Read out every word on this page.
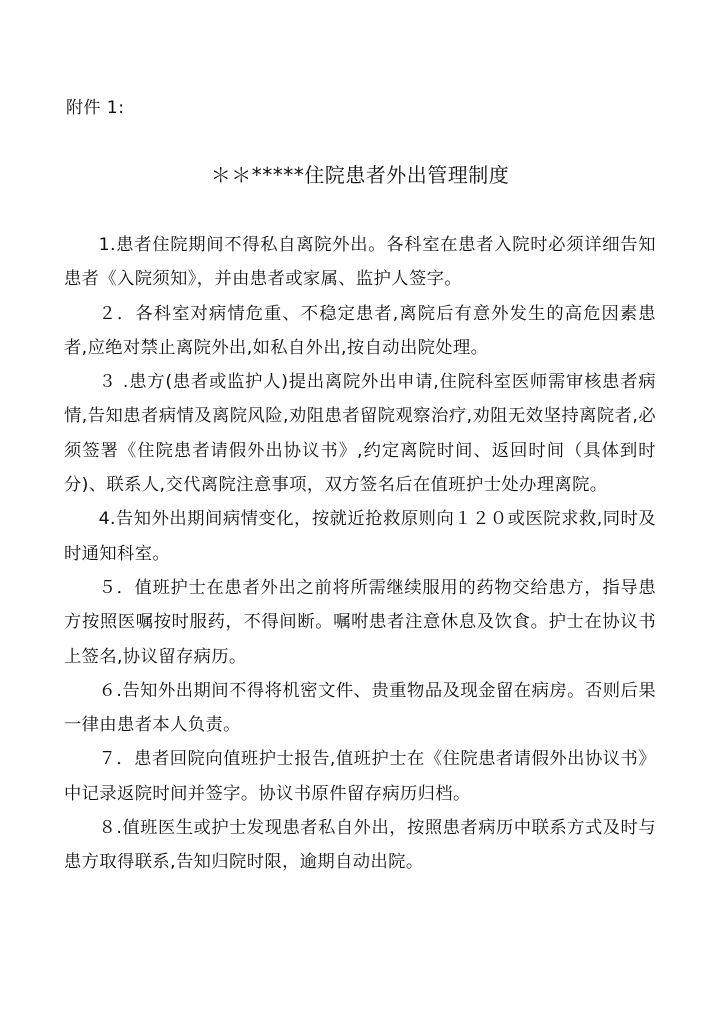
附件 1:
＊＊*****住院患者外出管理制度

1.患者住院期间不得私自离院外出。各科室在患者入院时必须详细告知患者《入院须知》，并由患者或家属、监护人签字。

２．各科室对病情危重、不稳定患者,离院后有意外发生的高危因素患者,应绝对禁止离院外出,如私自外出,按自动出院处理。

３ .患方(患者或监护人)提出离院外出申请,住院科室医师需审核患者病情,告知患者病情及离院风险,劝阻患者留院观察治疗,劝阻无效坚持离院者,必须签署《住院患者请假外出协议书》,约定离院时间、返回时间（具体到时分)、联系人,交代离院注意事项，双方签名后在值班护士处办理离院。

4.告知外出期间病情变化，按就近抢救原则向１２０或医院求救,同时及时通知科室。

５．值班护士在患者外出之前将所需继续服用的药物交给患方，指导患方按照医嘱按时服药，不得间断。嘱咐患者注意休息及饮食。护士在协议书上签名,协议留存病历。

６.告知外出期间不得将机密文件、贵重物品及现金留在病房。否则后果一律由患者本人负责。

７．患者回院向值班护士报告,值班护士在《住院患者请假外出协议书》中记录返院时间并签字。协议书原件留存病历归档。

８.值班医生或护士发现患者私自外出，按照患者病历中联系方式及时与患方取得联系,告知归院时限，逾期自动出院。
